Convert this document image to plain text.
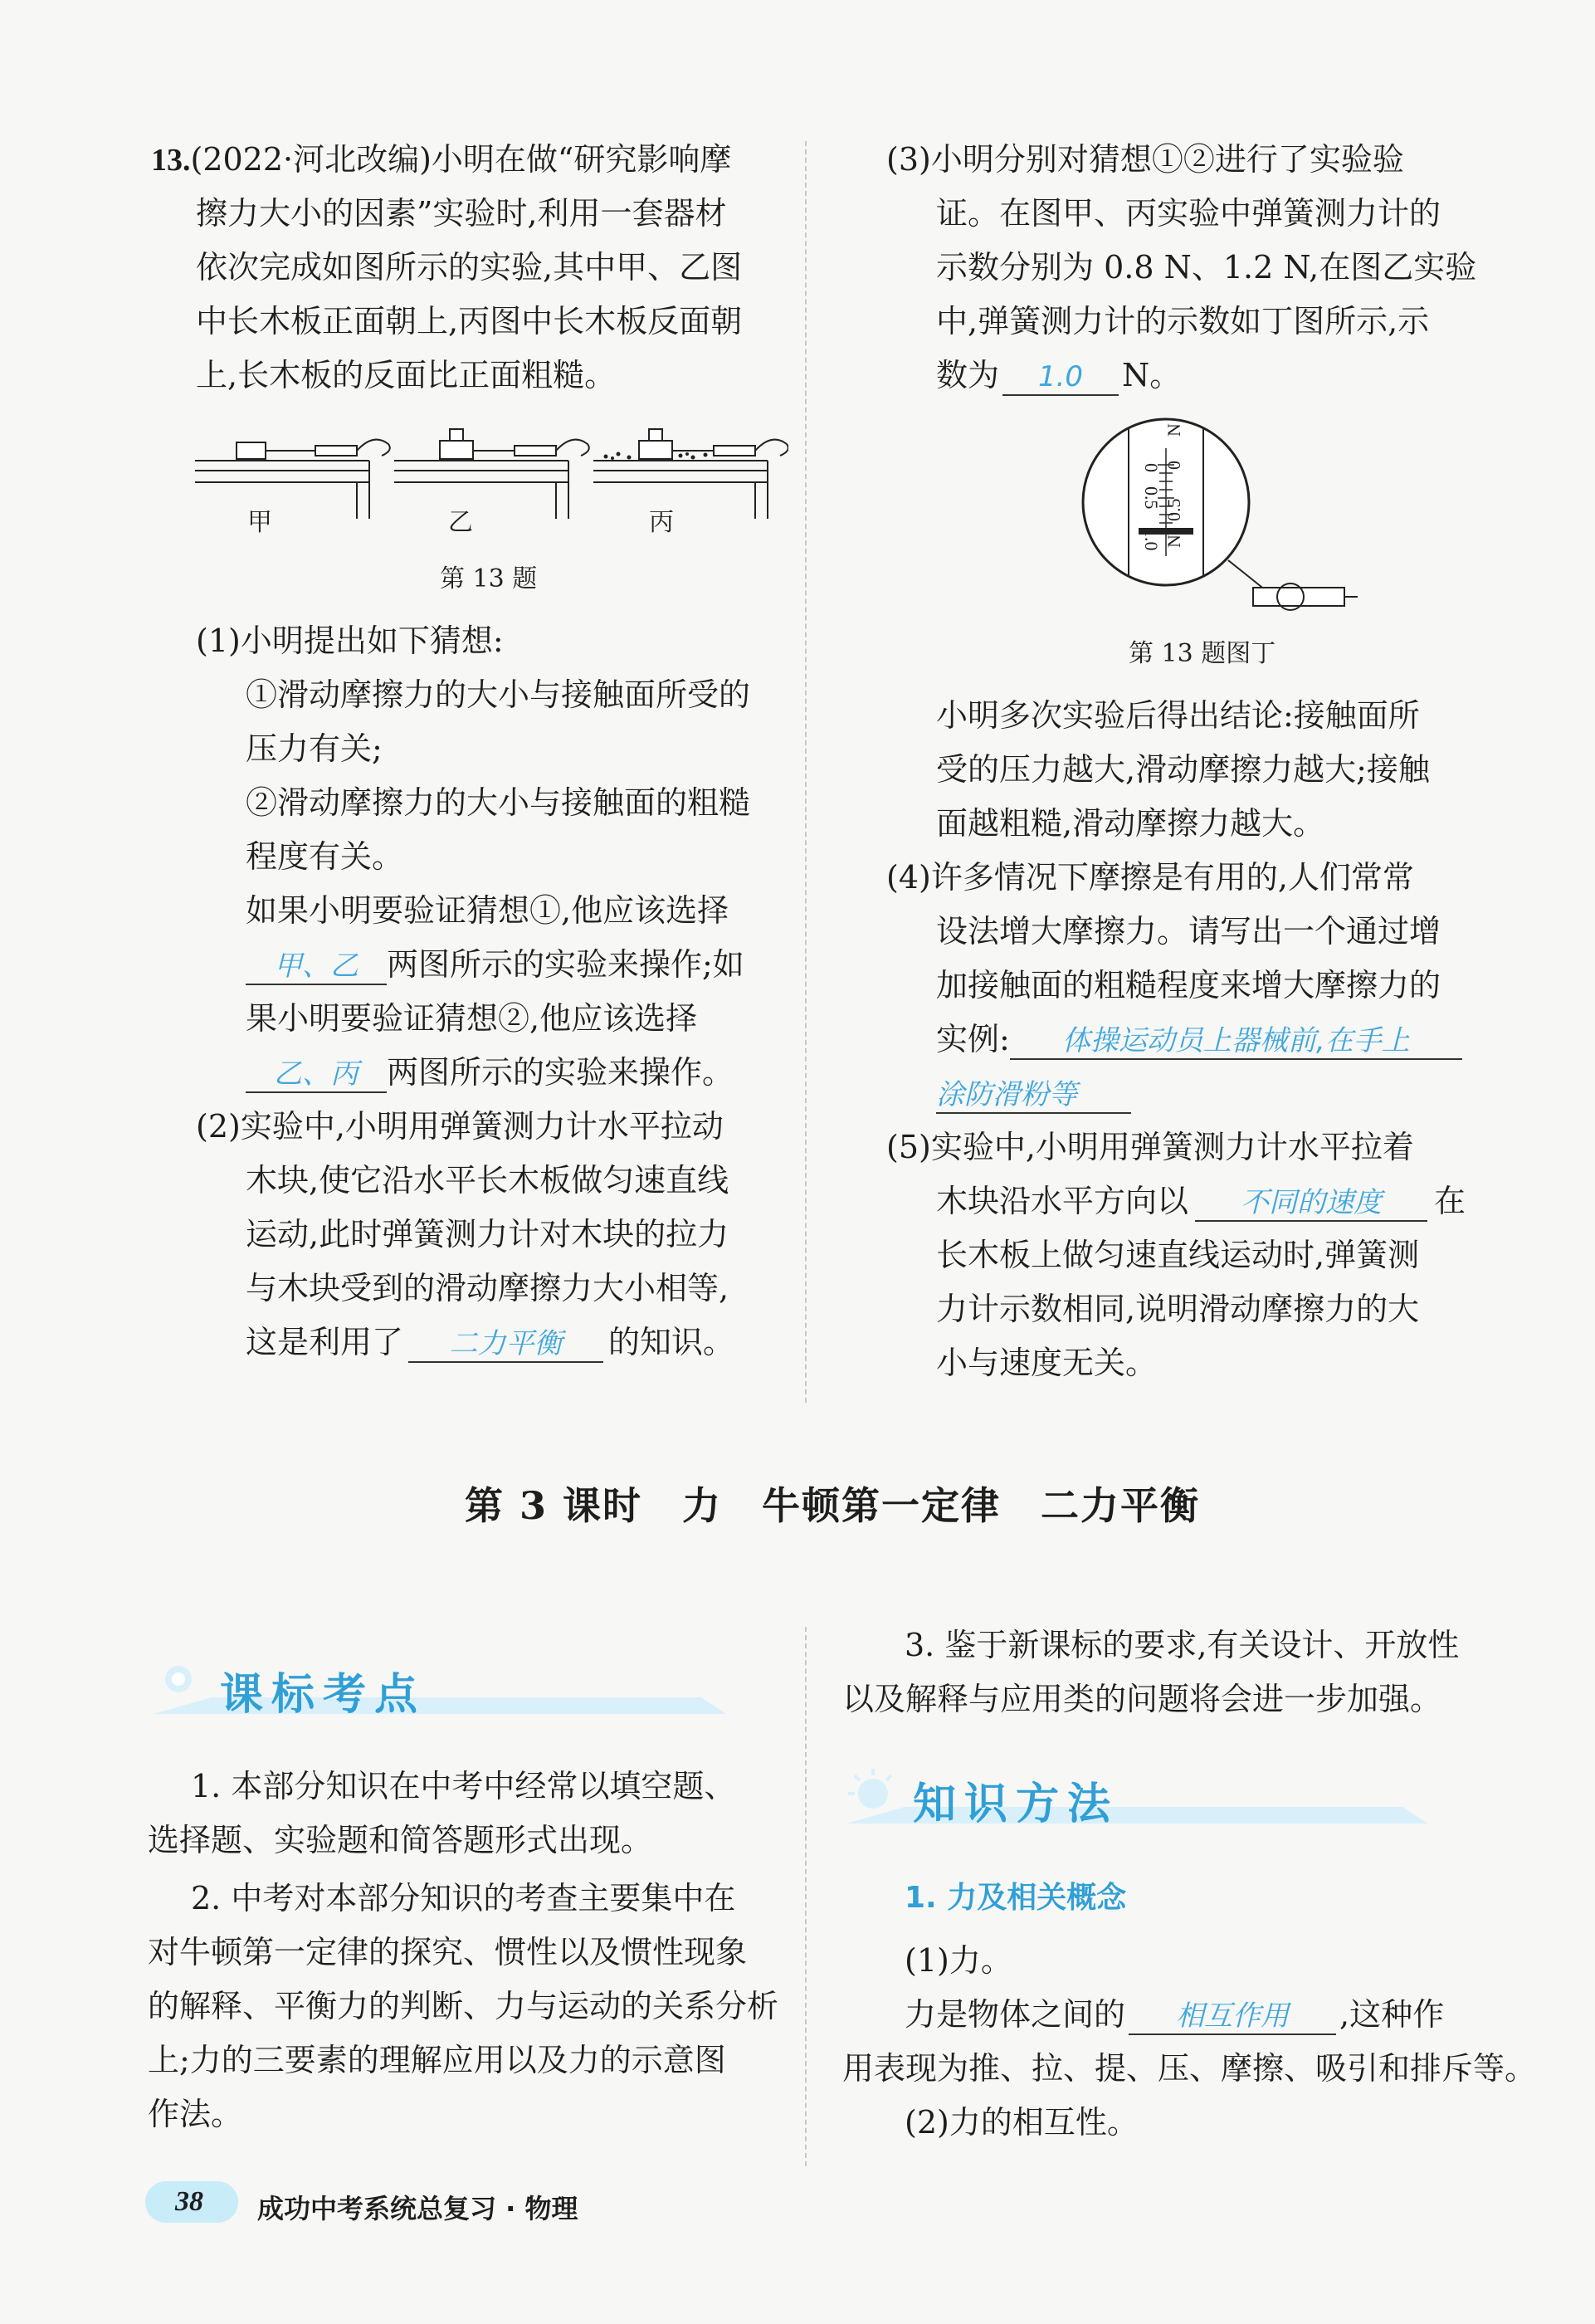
13.(2022·河北改编)小明在做“研究影响摩
擦力大小的因素”实验时,利用一套器材
依次完成如图所示的实验,其中甲、乙图
中长木板正面朝上,丙图中长木板反面朝
上,长木板的反面比正面粗糙。
甲	乙	丙
第 13 题
(1)小明提出如下猜想:
①滑动摩擦力的大小与接触面所受的
压力有关;
②滑动摩擦力的大小与接触面的粗糙
程度有关。
如果小明要验证猜想①,他应该选择
甲、乙 两图所示的实验来操作;如
果小明要验证猜想②,他应该选择
乙、丙 两图所示的实验来操作。
(2)实验中,小明用弹簧测力计水平拉动
木块,使它沿水平长木板做匀速直线
运动,此时弹簧测力计对木块的拉力
与木块受到的滑动摩擦力大小相等,
这是利用了 二力平衡 的知识。
(3)小明分别对猜想①②进行了实验验
证。在图甲、丙实验中弹簧测力计的
示数分别为 0.8 N、1.2 N,在图乙实验
中,弹簧测力计的示数如丁图所示,示
数为 1.0 N。
0
0.5
1.0
N
0
0.5
N
第 13 题图丁
小明多次实验后得出结论:接触面所
受的压力越大,滑动摩擦力越大;接触
面越粗糙,滑动摩擦力越大。
(4)许多情况下摩擦是有用的,人们常常
设法增大摩擦力。请写出一个通过增
加接触面的粗糙程度来增大摩擦力的
实例: 体操运动员上器械前,在手上
涂防滑粉等
(5)实验中,小明用弹簧测力计水平拉着
木块沿水平方向以 不同的速度 在
长木板上做匀速直线运动时,弹簧测
力计示数相同,说明滑动摩擦力的大
小与速度无关。
第 3 课时　力　牛顿第一定律　二力平衡
课标考点
1. 本部分知识在中考中经常以填空题、
选择题、实验题和简答题形式出现。
2. 中考对本部分知识的考查主要集中在
对牛顿第一定律的探究、惯性以及惯性现象
的解释、平衡力的判断、力与运动的关系分析
上;力的三要素的理解应用以及力的示意图
作法。
3. 鉴于新课标的要求,有关设计、开放性
以及解释与应用类的问题将会进一步加强。
知识方法
1. 力及相关概念
(1)力。
力是物体之间的 相互作用 ,这种作
用表现为推、拉、提、压、摩擦、吸引和排斥等。
(2)力的相互性。
38 成功中考系统总复习 · 物理
